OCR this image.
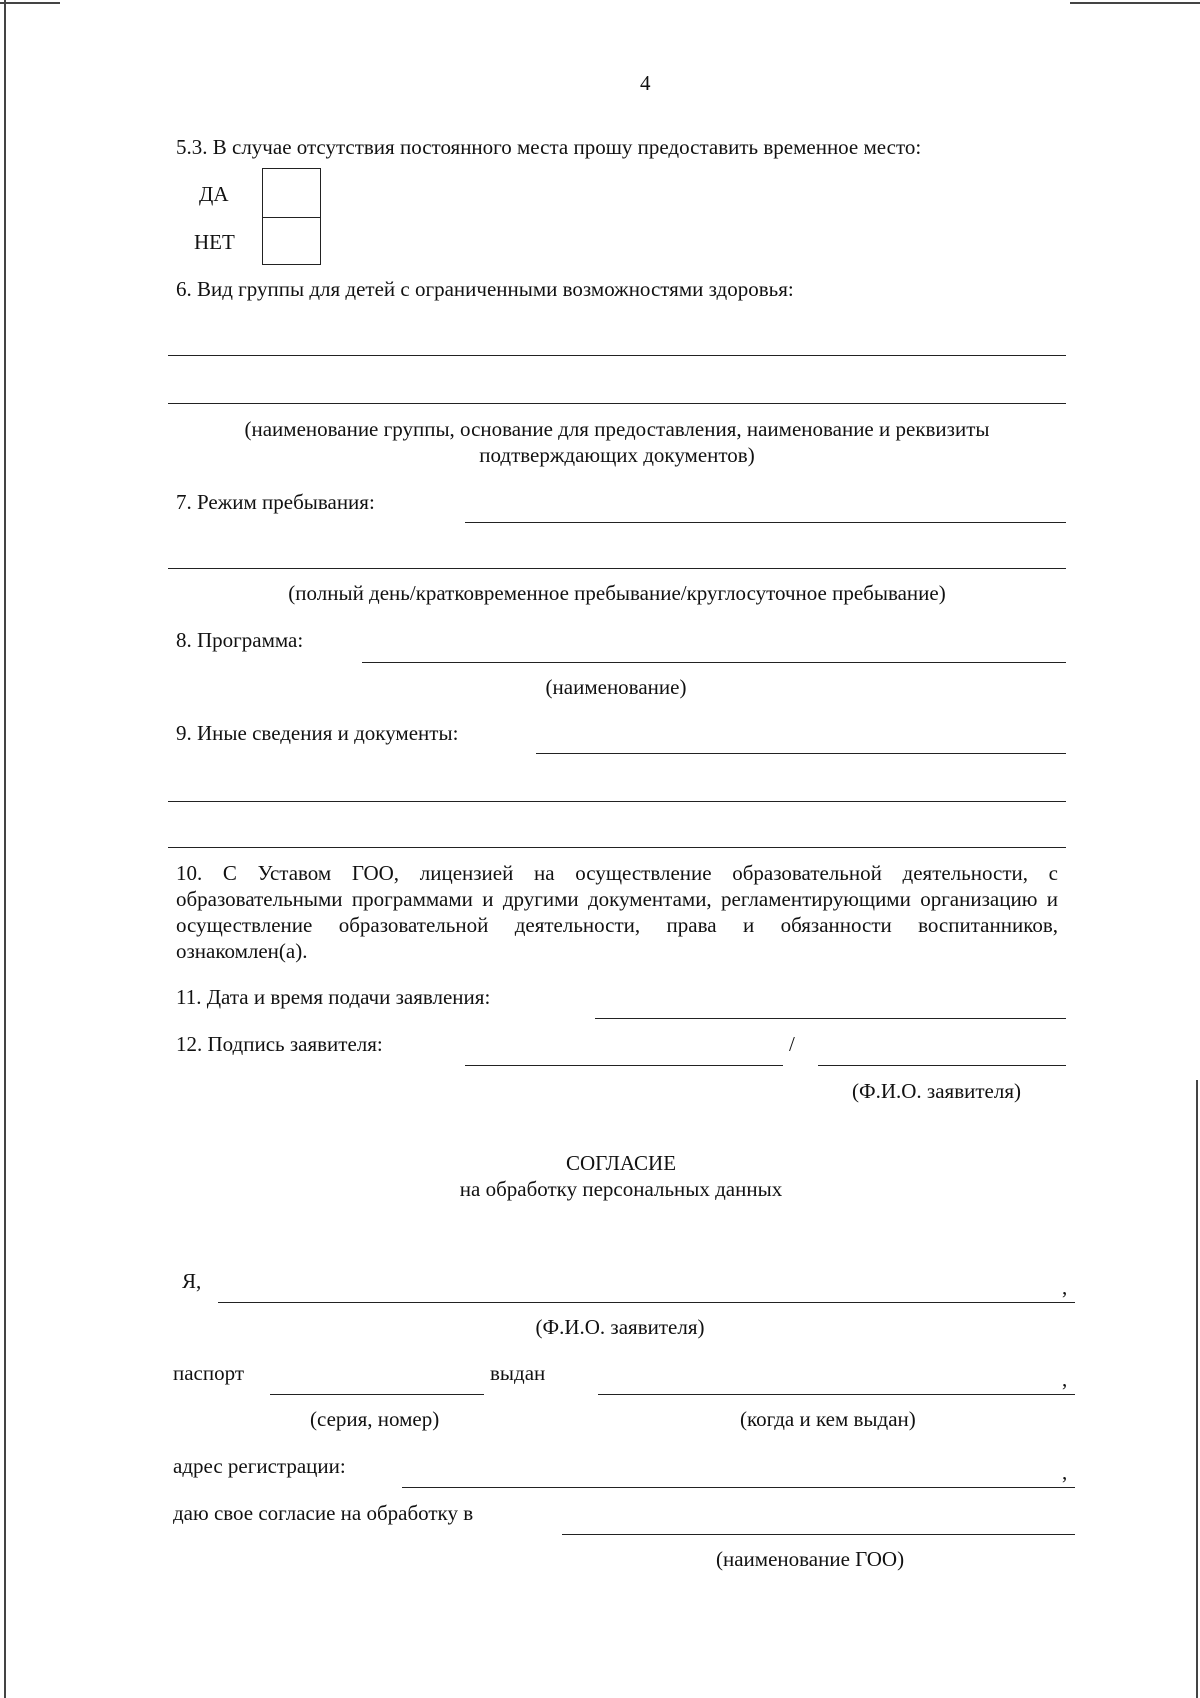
4
5.3. В случае отсутствия постоянного места прошу предоставить временное место:
ДА
НЕТ
6. Вид группы для детей с ограниченными возможностями здоровья:
(наименование группы, основание для предоставления, наименование и реквизиты
подтверждающих документов)
7. Режим пребывания:
(полный день/кратковременное пребывание/круглосуточное пребывание)
8. Программа:
(наименование)
9. Иные сведения и документы:
10. С Уставом ГОО, лицензией на осуществление образовательной деятельности, с образовательными программами и другими документами, регламентирующими организацию и осуществление образовательной деятельности, права и обязанности воспитанников, ознакомлен(а).
11. Дата и время подачи заявления:
12. Подпись заявителя:	/
(Ф.И.О. заявителя)
СОГЛАСИЕ
на обработку персональных данных
Я,	,
(Ф.И.О. заявителя)
паспорт	выдан	,
(серия, номер)	(когда и кем выдан)
адрес регистрации:	,
даю свое согласие на обработку в
(наименование ГОО)
